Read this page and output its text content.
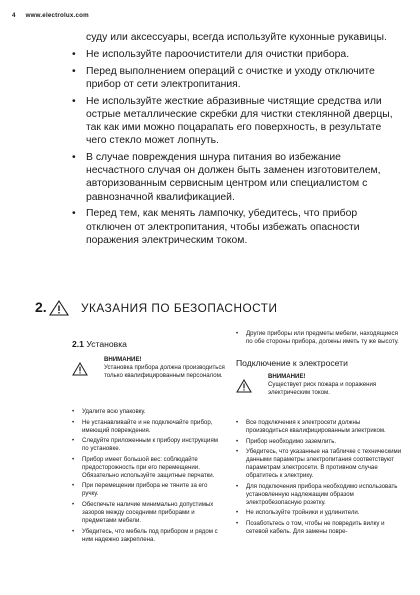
4 www.electrolux.com

суду или аксессуары, всегда используйте кухонные рукавицы.

• Не используйте пароочистители для очистки прибора.
• Перед выполнением операций с очистке и уходу отключите прибор от сети электропитания.
• Не используйте жесткие абразивные чистящие средства или острые металлические скребки для чистки стеклянной дверцы, так как ими можно поцарапать его поверхность, в результате чего стекло может лопнуть.
• В случае повреждения шнура питания во избежание несчастного случая он должен быть заменен изготовителем, авторизованным сервисным центром или специалистом с равнозначной квалификацией.
• Перед тем, как менять лампочку, убедитесь, что прибор отключен от электропитания, чтобы избежать опасности поражения электрическим током.
2.	УКАЗАНИЯ ПО БЕЗОПАСНОСТИ
2.1 Установка
ВНИМАНИЕ!
Установка прибора должна производиться только квалифицированным персоналом.
• Удалите всю упаковку.
• Не устанавливайте и не подключайте прибор, имеющий повреждения.
• Следуйте приложенным к прибору инструкциям по установке.
• Прибор имеет большой вес: соблюдайте предосторожность при его перемещении. Обязательно используйте защитные перчатки.
• При перемещении прибора не тяните за его ручку.
• Обеспечьте наличие минимально допустимых зазоров между соседними приборами и предметами мебели.
• Убедитесь, что мебель под прибором и рядом с ним надежно закреплена.
• Другие приборы или предметы мебели, находящиеся по обе стороны прибора, должны иметь ту же высоту.
Подключение к электросети
ВНИМАНИЕ!
Существует риск пожара и поражения электрическим током.
• Все подключения к электросети должны производиться квалифицированным электриком.
• Прибор необходимо заземлить.
• Убедитесь, что указанные на табличке с техническими данными параметры электропитания соответствуют параметрам электросети. В противном случае обратитесь к электрику.
• Для подключения прибора необходимо использовать установленную надлежащим образом электробезопасную розетку.
• Не используйте тройники и удлинители.
• Позаботьтесь о том, чтобы не повредить вилку и сетевой кабель. Для замены повре-
